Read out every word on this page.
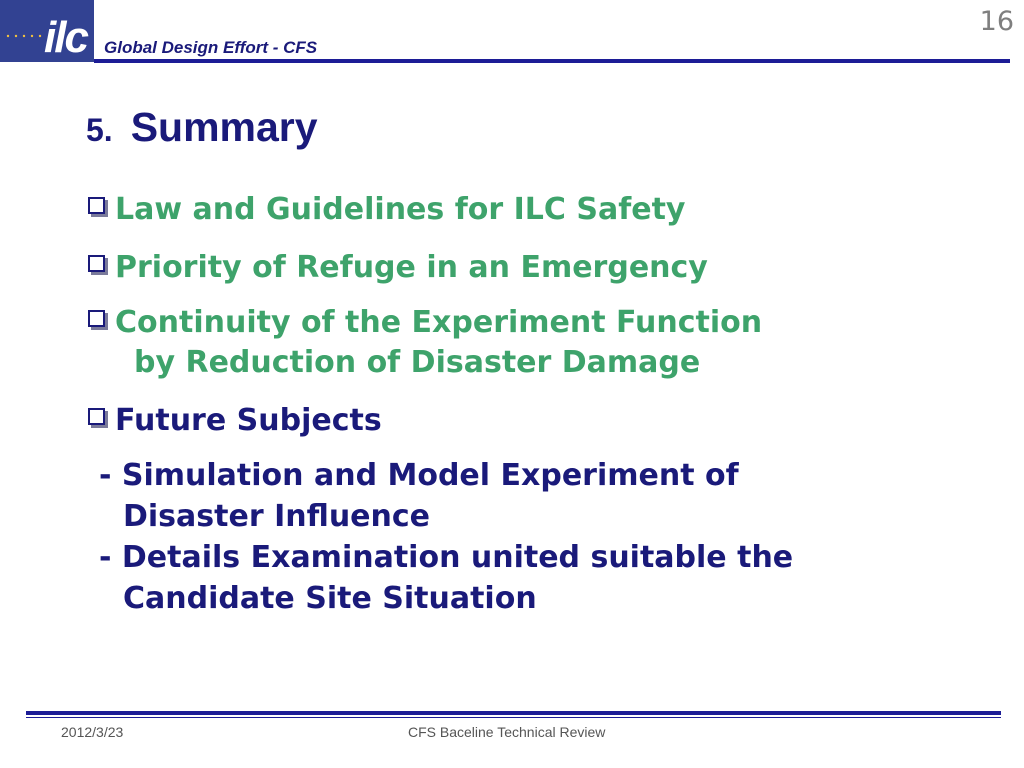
ilc Global Design Effort - CFS
16
5. Summary
Law and Guidelines for ILC Safety
Priority of Refuge in an Emergency
Continuity of the Experiment Function
by Reduction of Disaster Damage
Future Subjects
- Simulation and Model Experiment of
Disaster Influence
- Details Examination united suitable the
Candidate Site Situation
2012/3/23	CFS Baceline Technical Review
